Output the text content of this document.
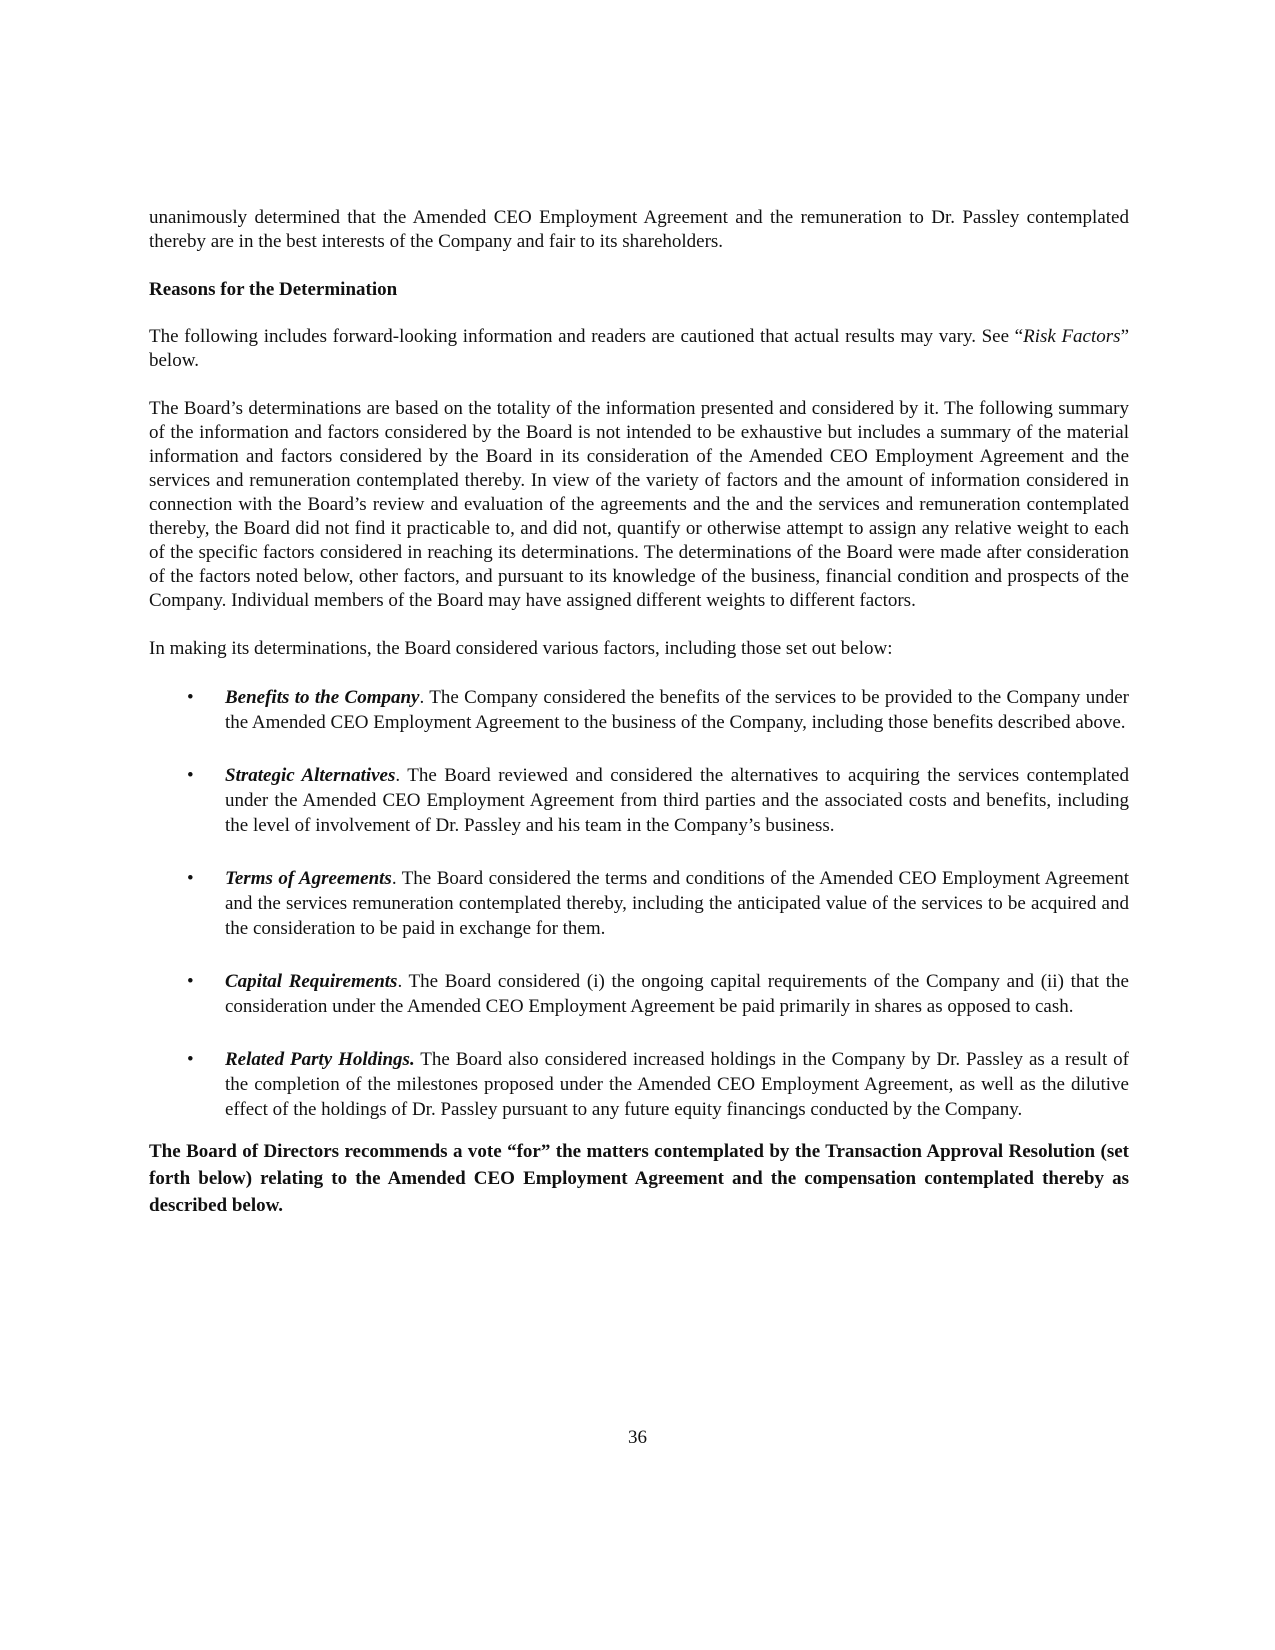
unanimously determined that the Amended CEO Employment Agreement and the remuneration to Dr. Passley contemplated thereby are in the best interests of the Company and fair to its shareholders.

Reasons for the Determination

The following includes forward-looking information and readers are cautioned that actual results may vary. See “Risk Factors” below.

The Board’s determinations are based on the totality of the information presented and considered by it. The following summary of the information and factors considered by the Board is not intended to be exhaustive but includes a summary of the material information and factors considered by the Board in its consideration of the Amended CEO Employment Agreement and the services and remuneration contemplated thereby. In view of the variety of factors and the amount of information considered in connection with the Board’s review and evaluation of the agreements and the and the services and remuneration contemplated thereby, the Board did not find it practicable to, and did not, quantify or otherwise attempt to assign any relative weight to each of the specific factors considered in reaching its determinations. The determinations of the Board were made after consideration of the factors noted below, other factors, and pursuant to its knowledge of the business, financial condition and prospects of the Company. Individual members of the Board may have assigned different weights to different factors.

In making its determinations, the Board considered various factors, including those set out below:

• Benefits to the Company. The Company considered the benefits of the services to be provided to the Company under the Amended CEO Employment Agreement to the business of the Company, including those benefits described above.
• Strategic Alternatives. The Board reviewed and considered the alternatives to acquiring the services contemplated under the Amended CEO Employment Agreement from third parties and the associated costs and benefits, including the level of involvement of Dr. Passley and his team in the Company’s business.
• Terms of Agreements. The Board considered the terms and conditions of the Amended CEO Employment Agreement and the services remuneration contemplated thereby, including the anticipated value of the services to be acquired and the consideration to be paid in exchange for them.
• Capital Requirements. The Board considered (i) the ongoing capital requirements of the Company and (ii) that the consideration under the Amended CEO Employment Agreement be paid primarily in shares as opposed to cash.
• Related Party Holdings. The Board also considered increased holdings in the Company by Dr. Passley as a result of the completion of the milestones proposed under the Amended CEO Employment Agreement, as well as the dilutive effect of the holdings of Dr. Passley pursuant to any future equity financings conducted by the Company.

The Board of Directors recommends a vote “for” the matters contemplated by the Transaction Approval Resolution (set forth below) relating to the Amended CEO Employment Agreement and the compensation contemplated thereby as described below.

36
